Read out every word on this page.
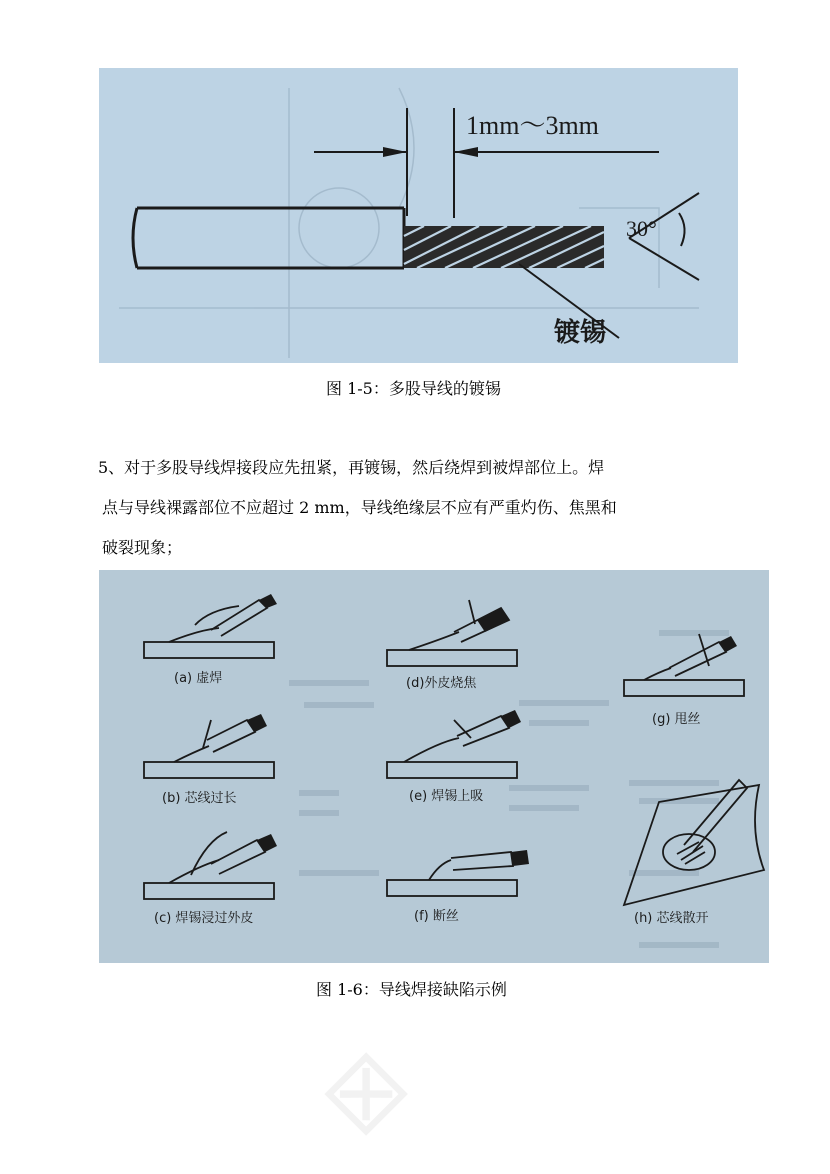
⊠
1mm～3mm
30°
镀锡
图 1-5：多股导线的镀锡
5、对于多股导线焊接段应先扭紧，再镀锡，然后绕焊到被焊部位上。焊
点与导线裸露部位不应超过 2 mm，导线绝缘层不应有严重灼伤、焦黑和
破裂现象；
(a) 虚焊
(b) 芯线过长
(c) 焊锡浸过外皮
(d)外皮烧焦
(e) 焊锡上吸
(f) 断丝
(g) 甩丝
(h) 芯线散开
图 1-6：导线焊接缺陷示例
